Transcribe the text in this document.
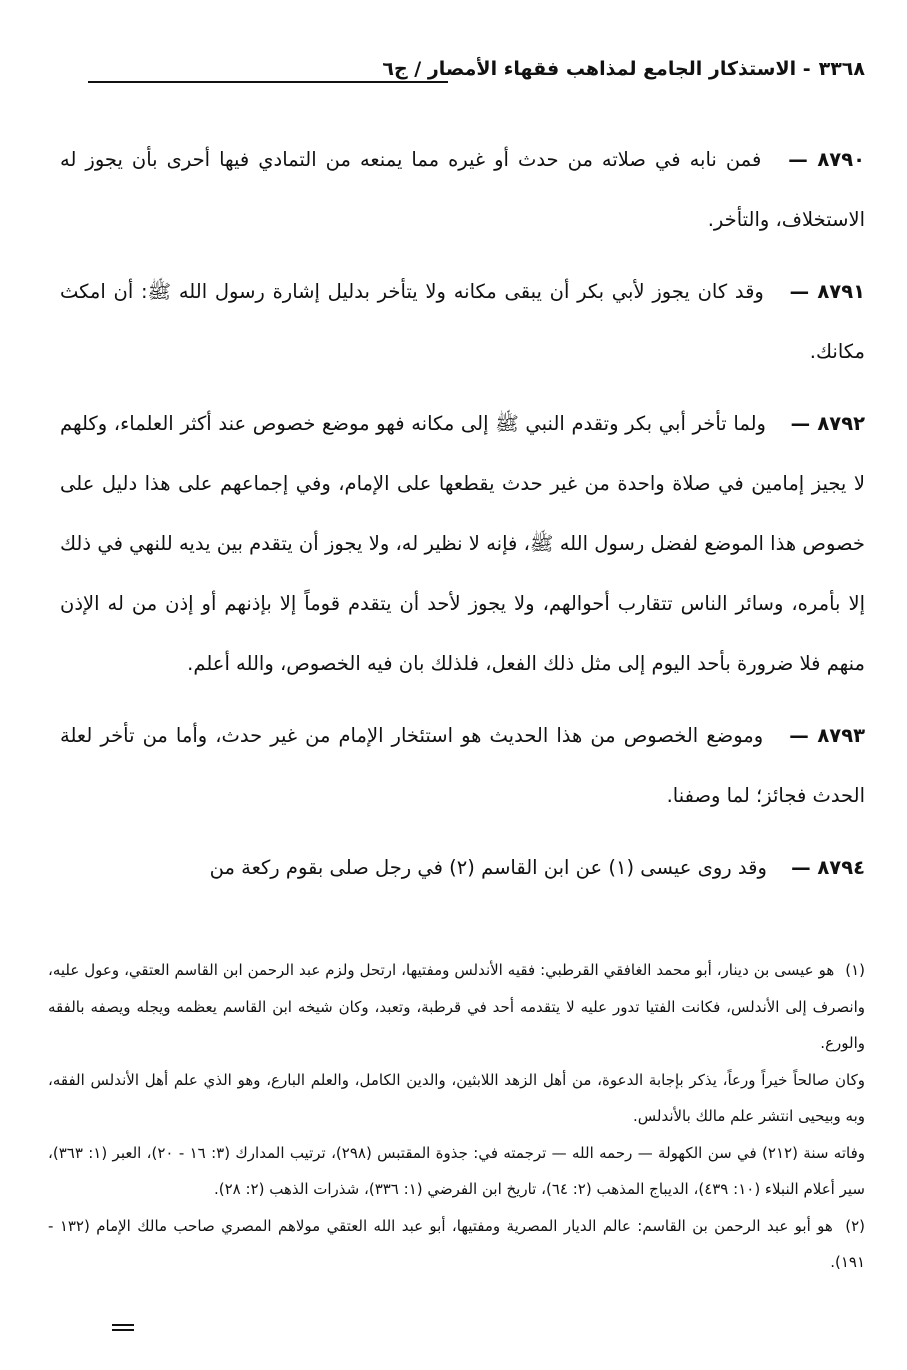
٣٣٦٨
- الاستذكار الجامع لمذاهب فقهاء الأمصار / ج٦

٨٧٩٠ — فمن نابه في صلاته من حدث أو غيره مما يمنعه من التمادي فيها أحرى بأن يجوز له الاستخلاف، والتأخر.

٨٧٩١ — وقد كان يجوز لأبي بكر أن يبقى مكانه ولا يتأخر بدليل إشارة رسول الله ﷺ: أن امكث مكانك.

٨٧٩٢ — ولما تأخر أبي بكر وتقدم النبي ﷺ إلى مكانه فهو موضع خصوص عند أكثر العلماء، وكلهم لا يجيز إمامين في صلاة واحدة من غير حدث يقطعها على الإمام، وفي إجماعهم على هذا دليل على خصوص هذا الموضع لفضل رسول الله ﷺ، فإنه لا نظير له، ولا يجوز أن يتقدم بين يديه للنهي في ذلك إلا بأمره، وسائر الناس تتقارب أحوالهم، ولا يجوز لأحد أن يتقدم قوماً إلا بإذنهم أو إذن من له الإذن منهم فلا ضرورة بأحد اليوم إلى مثل ذلك الفعل، فلذلك بان فيه الخصوص، والله أعلم.

٨٧٩٣ — وموضع الخصوص من هذا الحديث هو استئخار الإمام من غير حدث، وأما من تأخر لعلة الحدث فجائز؛ لما وصفنا.

٨٧٩٤ — وقد روى عيسى (١) عن ابن القاسم (٢) في رجل صلى بقوم ركعة من

(١) هو عيسى بن دينار، أبو محمد الغافقي القرطبي: فقيه الأندلس ومفتيها، ارتحل ولزم عبد الرحمن ابن القاسم العتقي، وعول عليه، وانصرف إلى الأندلس، فكانت الفتيا تدور عليه لا يتقدمه أحد في قرطبة، وتعبد، وكان شيخه ابن القاسم يعظمه ويجله ويصفه بالفقه والورع.

وكان صالحاً خيراً ورعاً، يذكر بإجابة الدعوة، من أهل الزهد اللابثين، والدين الكامل، والعلم البارع، وهو الذي علم أهل الأندلس الفقه، وبه وبيحيى انتشر علم مالك بالأندلس.

وفاته سنة (٢١٢) في سن الكهولة — رحمه الله — ترجمته في: جذوة المقتبس (٢٩٨)، ترتيب المدارك (٣: ١٦ - ٢٠)، العبر (١: ٣٦٣)، سير أعلام النبلاء (١٠: ٤٣٩)، الديباج المذهب (٢: ٦٤)، تاريخ ابن الفرضي (١: ٣٣٦)، شذرات الذهب (٢: ٢٨).

(٢) هو أبو عبد الرحمن بن القاسم: عالم الديار المصرية ومفتيها، أبو عبد الله العتقي مولاهم المصري صاحب مالك الإمام (١٣٢ - ١٩١).
